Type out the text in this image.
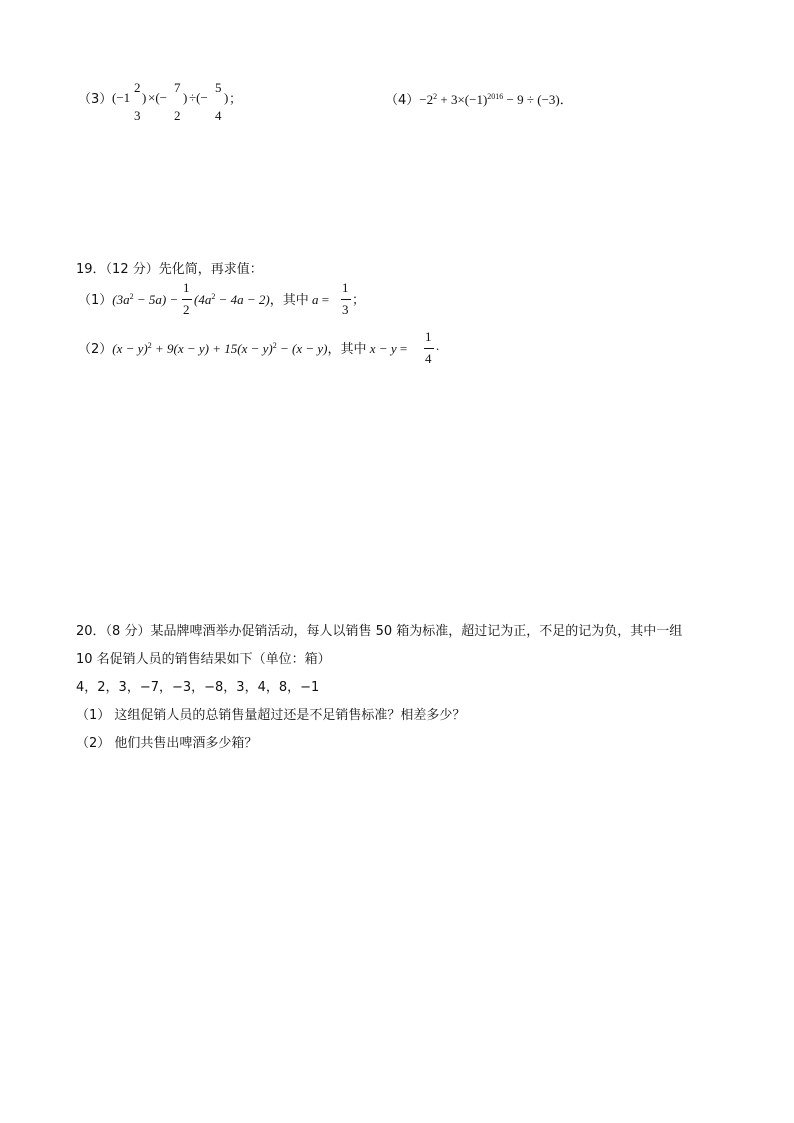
（3） (−1
2
3
) ×(−
7
2
) ÷(−
5
4
) ；	$(4)-2^2 + 3\times(-1)^{2016} - 9 \div (-3)$．
19．（12 分）先化简，再求值：
$(1)(3a^2 - 5a)$ −
1
2
$(4a^2 - 4a - 2)$，其中 a =
1
3
；
$(2)(x - y)^2 + 9(x - y) + 15(x - y)^2 - (x - y)$，其中 x − y =
1
4
.
20．（8 分）某品牌啤酒举办促销活动，每人以销售 50 箱为标准，超过记为正，不足的记为负，其中一组
10 名促销人员的销售结果如下（单位：箱）
4，2，3，−7，−3，−8，3，4，8，−1
（1） 这组促销人员的总销售量超过还是不足销售标准？相差多少？
（2） 他们共售出啤酒多少箱？
